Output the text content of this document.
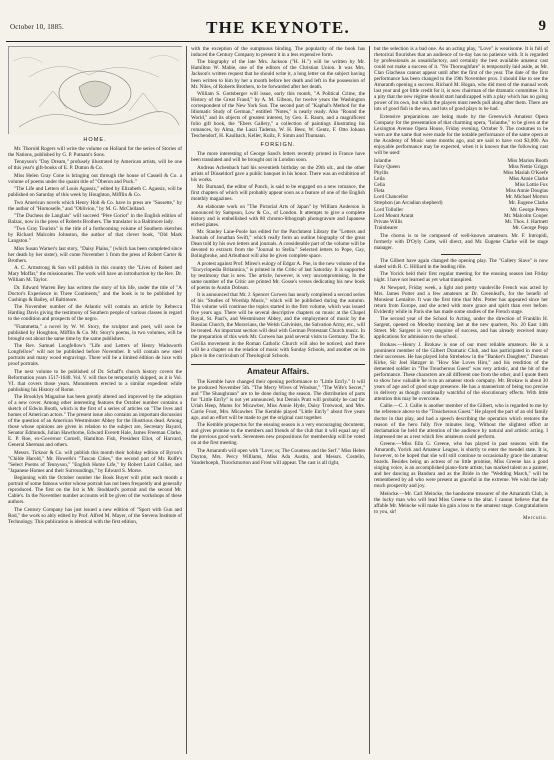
October 10, 1885.	THE KEYNOTE.	9
HOME.

Mr. Thorold Rogers will write the volume on Holland for the series of Stories of the Nations, published by G. P. Putnam's Sons.

Tennyson's "Day Dream," profusely illustrated by American artists, will be one of this year's gift-books of E. P. Dutton & Co.

Miss Helen Gray Cone is bringing out through the house of Cassell & Co. a volume of poems under the quaint title of "Oberon and Puck."

"The Life and Letters of Louis Agassiz," edited by Elizabeth C. Agassiz, will be published on Saturday of this week by Houghton, Mifflin & Co.

Two American novels which Henry Holt & Co. have in press are "Sussette," by the author of "Homoselle," and "Oblivion," by M. G. McClelland.

"The Duchess de Langlais" will succeed "Père Goriot" in the English edition of Balzac, now in the press of Roberts Brothers. The translator is a Baltimore lady.

"Two Gray Tourists" is the title of a forthcoming volume of Southern sketches by Richard Malcolm Johnston, the author of that clever book, "Old Mark Langston."

Miss Susan Warner's last story, "Daisy Plains," (which has been completed since her death by her sister), will come November 1 from the press of Robert Carter & Brothers.

A. C. Armstrong & Son will publish in this country the "Lives of Robert and Mary Moffat," the missionaries. The work will have an introduction by the Rev. Dr. William M. Taylor.

Dr. Edward Warren Bey has written the story of his life, under the title of "A Doctor's Experience in Three Continents," and the book is to be published by Cushings & Bailey, of Baltimore.

The November number of the Atlantic will contain an article by Rebecca Harding Davis giving the testimony of Southern people of various classes in regard to the condition and prospects of the negro.

"Fiammetta," a novel by W. W. Story, the sculptor and poet, will soon be published by Houghton, Mifflin & Co. Mr. Story's poems, in two volumes, will be brought out about the same time by the same publishers.

The Rev. Samuel Longfellow's "Life and Letters of Henry Wadsworth Longfellow" will not be published before November. It will contain new steel portraits and many wood engravings. There will be a limited édition de luxe with proof portraits.

The next volume to be published of Dr. Schaff's church history covers the Reformation years 1517-1648. Vol. V. will thus be temporarily skipped, as it is Vol. VI. that covers those years. Monuments erected to a similar expedient while publishing his History of Rome.

The Brooklyn Magazine has been greatly altered and improved by the adoption of a new cover. Among other interesting features the October number contains a sketch of Edwin Booth, which is the first of a series of articles on "The lives and homes of American actors." The present issue also contains an important discussion of the question of an American Westminster Abbey for the illustrious dead. Among those whose opinions are given in relation to the subject are, Secretary Bayard, Senator Edmunds, Julian Hawthorne, Edward Everett Hale, James Freeman Clarke, E. P. Roe, ex-Governor Cornell, Hamilton Fish, President Eliot, of Harvard, General Sherman and others.

Messrs. Ticknor & Co. will publish this month their holiday edition of Byron's "Childe Harold," Mr. Howells's "Tuscan Cities," the second part of Mr. Rolfe's "Select Poems of Tennyson," "English Home Life," by Robert Laird Collier, and "Japanese Homes and their Surroundings," by Edward S. Morse.

Beginning with the October number the Book Buyer will print each month a portrait of some famous writer whose portrait has not been frequently and generally reproduced. The first on the list is Mr. Stoddard's portrait and the second Mr. Cable's. In the November number accounts will be given of the workshops of these authors.

The Century Company has just issued a new edition of "Sport with Gun and Rod," the work so ably edited by Prof. Alfred M. Mayer, of the Stevens Institute of Technology. This publication is identical with the first edition,

with the exception of the sumptuous binding. The popularity of the book has induced the Century Company to present it in a less expensive form.

The biography of the late Mrs. Jackson ("H. H.") will be written by Mr. Hamilton W. Mabie, one of the editors of the Christian Union. It was Mrs. Jackson's written request that he should write it, a long letter on the subject having been written to him by her a month before her death and left in the possession of Mr. Niles, of Roberts Brothers, to be forwarded after her death.

William S. Gottsberger will issue, early this month, "A Political Crime, the History of the Great Fraud," by A. M. Gibson, for twelve years the Washington correspondent of the New York Sun. The second part of "Kaphal's Method for the Idiomatic Study of German," entitled "Notes," is nearly ready. Also "Round the World," and its objects of greatest interest, by Geo. E. Raum, and a magnificent folio gift book, the "Ebers Gallery," a collection of paintings illustrating his romances, by Alma, the Laszi Tadema, W. H. Beez, W. Gentz, F. Otto Johann Teschendorf, H. Kaulbach, Keller, Kuilz, F. Simm and Thumann.

FOREIGN.

The more interesting of George Sand's letters recently printed in France have been translated and will be brought out in London soon.

Andreas Achenbach had his seventieth birthday on the 29th ult., and the other artists of Düsseldorf gave a public banquet in his honor. There was an exhibition of his works.

Mr. Burnand, the editor of Punch, is said to be engaged on a new romance, the first chapters of which will probably appear soon as a feature of one of the English monthly magazines.

An elaborate work on "The Pictorial Arts of Japan" by William Anderson is announced by Sampson, Low & Co., of London. It attempts to give a complete history and is embellished with 80 chromo-lithograph photogravure and Japanese etched plates.

Mr. Stanley Lane-Poole has edited for the Parchment Library the "Letters and Journals of Jonathan Swift," which really form an outline biography of the great Dean told by his own letters and journals. A considerable part of the volume will be devoted to extracts from the "Journal to Stella." Selected letters to Pope, Gay, Bolingbroke, and Arbuthnot will also be given complete space.

A protest against Prof. Mireo's eulogy of Edgar A. Poe, in the new volume of the "Encyclopedia Britannica," is printed in the Critic of last Saturday. It is supported by testimony that is new. The article, however, is very uncompromising. In the same number of the Critic are printed Mr. Gosse's verses dedicating his new book of poems to Austin Dobson.

It is announced that Mr. J. Spencer Curwen has nearly completed a second series of his "Studies of Worship Music," which will be published during the autumn. This volume will continue the topics started in the first volume, which was issued five years ago. There will be several descriptive chapters on music at the Chapel Royal, St. Paul's, and Westminster Abbey, and the employment of music by the Russian Church, the Moravians, the Welsh Calvinists, the Salvation Army, etc., will be treated. An important section will deal with German Protestant Church music. In the preparation of this work Mr. Curwen has paid several visits to Germany. The St. Cecilia movement in the Roman Catholic Church will also be noticed, and there will be a chapter on the relation of music with Sunday Schools, and another on its place in the curriculum of Theological Schools.

Amateur Affairs.

The Kemble have changed their opening performance to "Little Em'ly." It will be produced November 5th. "The Merry Wives of Windsor," "The Wife's Secret," and "The Shaughraun" are to be done during the season. The distribution of parts for "Little Em'ly" is not yet announced, but Dennis Pratt will probably be cast for Uriah Heep, Mums for Micawber, Miss Annie Hyde, Daisy Trotwood, and Mrs. Carrie Frost, Mrs. Micawber. The Kemble played "Little Em'ly" about five years ago, and an effort will be made to get the original cast together.

The Kemble prospectus for the ensuing season is a very encouraging document, and gives promise to the members and friends of the club that it will equal any of the previous good work. Seventeen new propositions for membership will be voted on at the first meeting.

The Amaranth will open with "Love; or, The Countess and the Serf." Miss Helen Dayton, Mrs. Percy Williams, Miss Ada Austin, and Messrs. Costello, Vanderhoeph, Throckmorton and Frost will appear. The cast is all right,

but the selection is a bad one. As an acting play, "Love" is wearisome. It is full of rhetorical flourishes that an audience of to-day has no patience with. It is regarded by professionals as unsatisfactory, and certainly the best available amateur cast could not make a success of it. "No Thoroughfare" is temporarily laid aside, as Mr. Clan Glacheau cannot appear until after the first of the year. The date of the first performance has been changed to the 19th November prox. I should like to see the Amaranth opening a success. Richard M. Hogan, who did most of the manual work last year and got little credit for it, is now chairman of the dramatic committee. It is a pity that the new régime should start handicapped with a play which has no going power of its own, but which the players must needs pull along after them. There are lots of good fish in the sea, and lots of good plays to be had.

Extensive preparations are being made by the Greenwich Amateur Opera Company for the presentation of that charming opera, "Iolanthe," to be given at the Lexington Avenue Opera House, Friday evening, October 9. The costumes to be worn are the same that were made for the notable performance of the same opera at the Academy of Music some months ago, and are said to have cost $3,000. An enjoyable performance may be expected, when it is known that the following cast will be used:

Iolanthe	Miss Marion Booth
Fairy Queen	Miss Nettie Griggs
Phyllis	Miss Mariah O'Keefe
Leila	Miss Annie Clarke
Celia	Miss Lottie Fox
Fleta	Miss Annie Douglas
Lord Chancellor	Mr. Michael Morton
Strephon (an Arcadian shepherd)	Mr. Eugene Clarke
Lord Tolloller	Mr. George Peters
Lord Mount Ararat	Mr. Malcolm Cooper
Private Willis	Mr. Thos. J. Hartnett
Trainbearer	Mr. George Pepp

The chorus is to be composed of well-known amateurs. Mr. F. Intropidi, formerly with D'Oyly Carte, will direct, and Mr. Eugene Clarke will be stage manager.

The Gilbert have again changed the opening play. The "Gallery Slave" is now slated with R. C. Hilliard in the leading rôle.

The Yorick held their first regular meeting for the ensuing season last Friday night. I have not learned as yet what transpired.

At Newport, Friday week, a light and pretty vaudeville French was acted by Mrs. James Potter and a few amateurs at Dr. Greenleaf's, for the benefit of Monsieur Lemaître. It was the first time that Mrs. Potter has appeared since her return from Europe, and she acted with more grace and spirit than ever before. Evidently while in Paris she has made some studies of the French stage.

The second year of the School fo Acting, under the direction of Franklin H. Sargent, opened on Monday morning last at the new quarters, No. 20 East 14th Street. Mr. Sargent is very sanguine of success, and has already received many applications for admission to the school.

Brokaw.—Henry J. Brokaw is one of our most reliable amateurs. He is a prominent member of the Gilbert Dramatic Club, and has participated in most of their successes. He has played John Strebelow in the "Banker's Daughter," Dunstan Kirke, Sir Joel Hatzger in "How She Loves Him," and his rendition of the demented soldier in "The Treacherous Guest" was very artistic, and the hit of the performance. These characters are all different one from the other, and I quote them to show how valuable he is to an amateur stock company. Mr. Brokaw is about 30 years of age and of good stage presence. He has a mannerism of being too precise in delivery as though continually watchful of the elocutionary effects. With little attention this may be overcome.

Callie.—C. J. Callie is another member of the Gilbert, who is regarded to me by the reference above to the "Treacherous Guest." He played the part of an old family doctor in that play, and had a speech describing the operation which restores the reason of the hero fully five minutes long. Without the slightest effort at declamation he held the attention of the audience by natural and artistic acting. I impressed me as a test which few amateurs could perform.

Greene.—Miss Ella G. Greene, who has played in past seasons with the Amaranth, Yorick and Amateur League, is shortly to enter the mendel state. It is, however, to be hoped that she will still continue to occasionally grace the amateur boards. Besides being an actress of no little promise, Miss Greene has a good singing voice, is an accomplished piano-forte artiste, has marked talent as a painter, and her dancing as Bandura and as the Bride in the "Wedding March," will be remembered by all who were present as graceful in the extreme. We wish the lady much prosperity and joy.

Meincke.—Mr. Carl Meincke, the handsome treasurer of the Amaranth Club, is the lucky man who will lead Miss Greene to the altar. I cannot believe that the affable Mr. Meincke will make his gain a loss to the amateur stage. Congratulations to you, sir!

Mercutio.
